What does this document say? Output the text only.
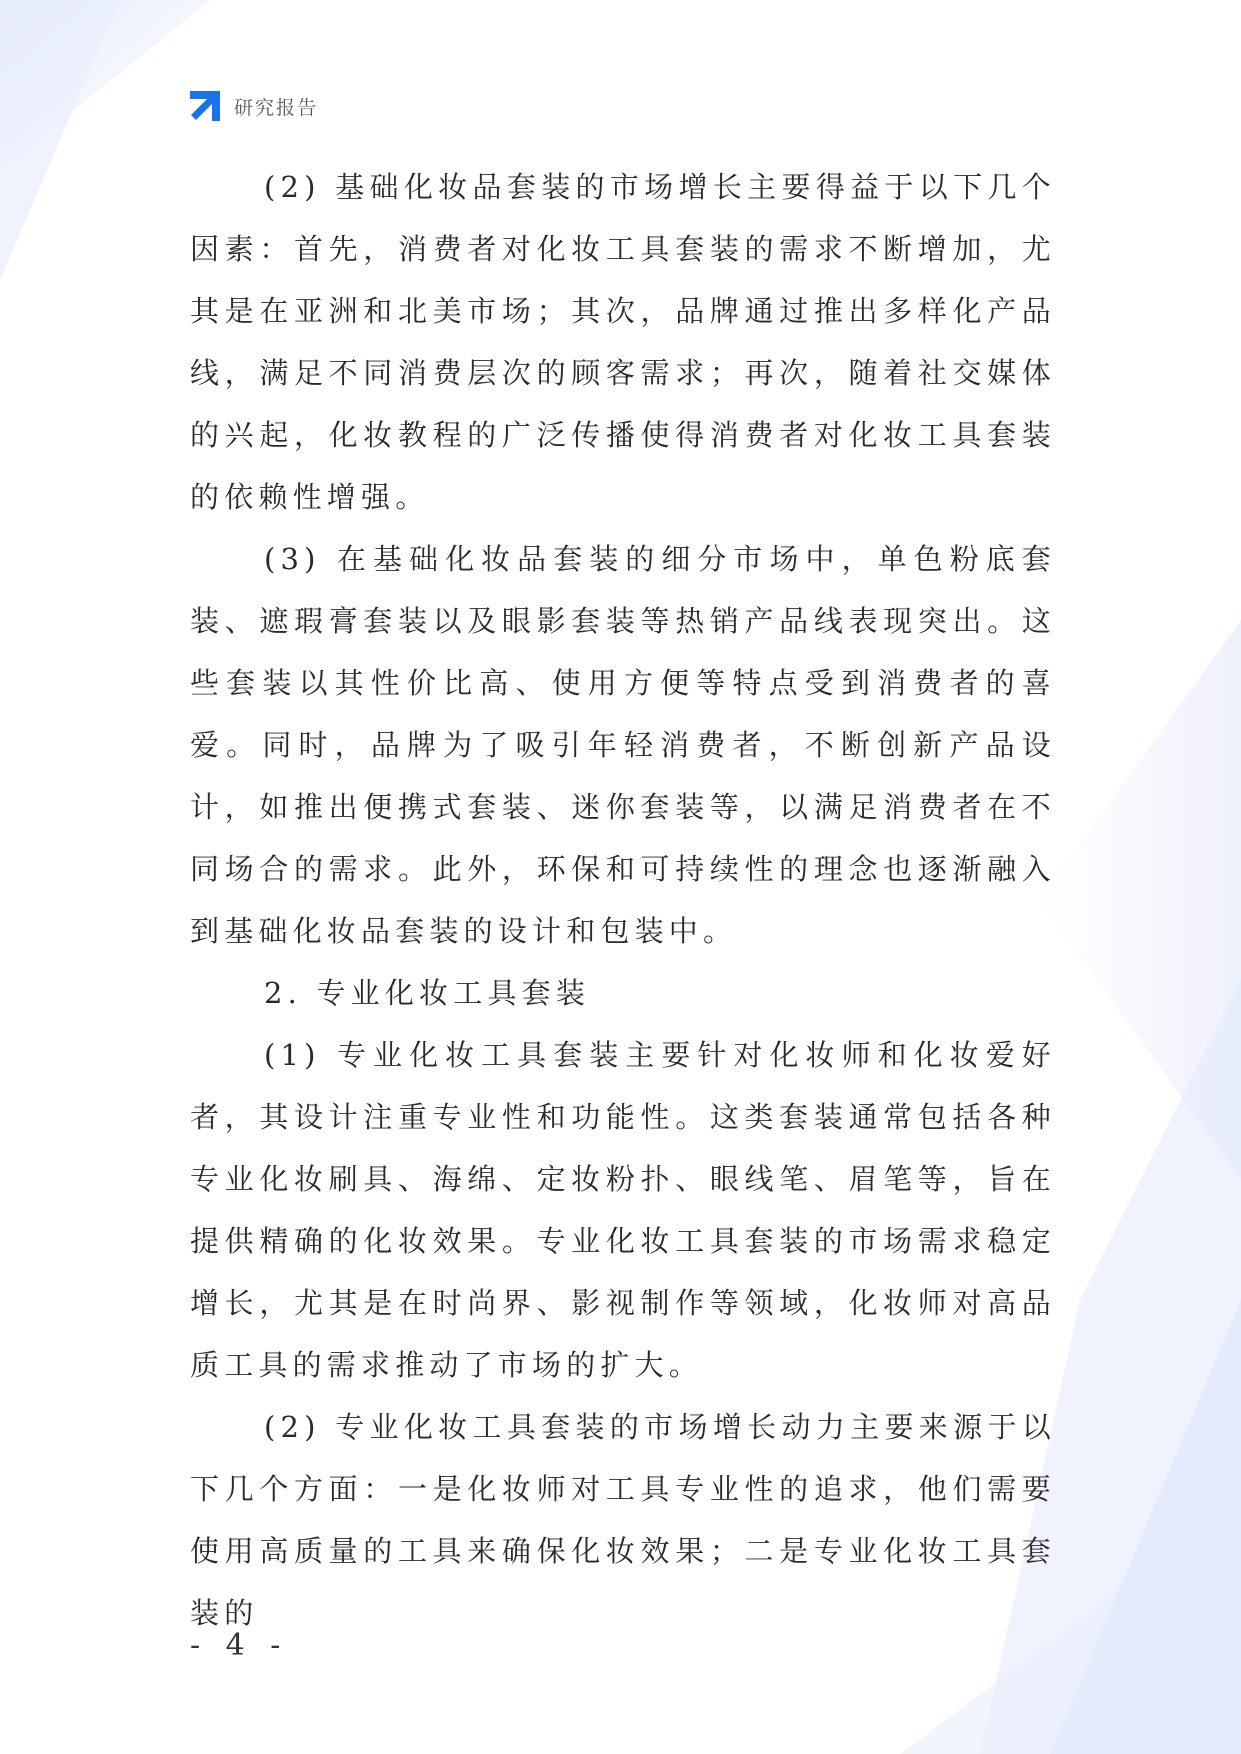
研究报告

(2) 基础化妆品套装的市场增长主要得益于以下几个因素：首先，消费者对化妆工具套装的需求不断增加，尤其是在亚洲和北美市场；其次，品牌通过推出多样化产品线，满足不同消费层次的顾客需求；再次，随着社交媒体的兴起，化妆教程的广泛传播使得消费者对化妆工具套装的依赖性增强。

(3) 在基础化妆品套装的细分市场中，单色粉底套装、遮瑕膏套装以及眼影套装等热销产品线表现突出。这些套装以其性价比高、使用方便等特点受到消费者的喜爱。同时，品牌为了吸引年轻消费者，不断创新产品设计，如推出便携式套装、迷你套装等，以满足消费者在不同场合的需求。此外，环保和可持续性的理念也逐渐融入到基础化妆品套装的设计和包装中。

2. 专业化妆工具套装

(1) 专业化妆工具套装主要针对化妆师和化妆爱好者，其设计注重专业性和功能性。这类套装通常包括各种专业化妆刷具、海绵、定妆粉扑、眼线笔、眉笔等，旨在提供精确的化妆效果。专业化妆工具套装的市场需求稳定增长，尤其是在时尚界、影视制作等领域，化妆师对高品质工具的需求推动了市场的扩大。

(2) 专业化妆工具套装的市场增长动力主要来源于以下几个方面：一是化妆师对工具专业性的追求，他们需要使用高质量的工具来确保化妆效果；二是专业化妆工具套装的

- 4 -
